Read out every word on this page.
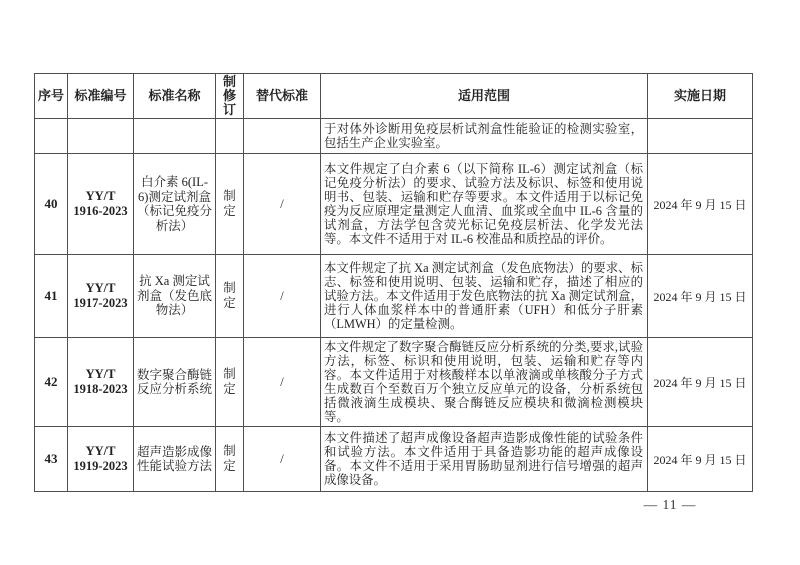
序号	标准编号	标准名称	制修订	替代标准	适用范围	实施日期
					于对体外诊断用免疫层析试剂盒性能验证的检测实验室，包括生产企业实验室。	
40	YY/T 1916-2023	白介素 6(IL-6)测定试剂盒（标记免疫分析法）	制定	/	本文件规定了白介素 6（以下简称 IL-6）测定试剂盒（标记免疫分析法）的要求、试验方法及标识、标签和使用说明书、包装、运输和贮存等要求。本文件适用于以标记免疫为反应原理定量测定人血清、血浆或全血中 IL-6 含量的试剂盒，方法学包含荧光标记免疫层析法、化学发光法等。本文件不适用于对 IL-6 校准品和质控品的评价。	2024 年 9 月 15 日
41	YY/T 1917-2023	抗 Xa 测定试剂盒（发色底物法）	制定	/	本文件规定了抗 Xa 测定试剂盒（发色底物法）的要求、标志、标签和使用说明、包装、运输和贮存，描述了相应的试验方法。本文件适用于发色底物法的抗 Xa 测定试剂盒，进行人体血浆样本中的普通肝素（UFH）和低分子肝素（LMWH）的定量检测。	2024 年 9 月 15 日
42	YY/T 1918-2023	数字聚合酶链反应分析系统	制定	/	本文件规定了数字聚合酶链反应分析系统的分类,要求,试验方法，标签、标识和使用说明，包装、运输和贮存等内容。本文件适用于对核酸样本以单液滴或单核酸分子方式生成数百个至数百万个独立反应单元的设备，分析系统包括微液滴生成模块、聚合酶链反应模块和微滴检测模块等。	2024 年 9 月 15 日
43	YY/T 1919-2023	超声造影成像性能试验方法	制定	/	本文件描述了超声成像设备超声造影成像性能的试验条件和试验方法。本文件适用于具备造影功能的超声成像设备。本文件不适用于采用胃肠助显剂进行信号增强的超声成像设备。	2024 年 9 月 15 日
— 11 —
